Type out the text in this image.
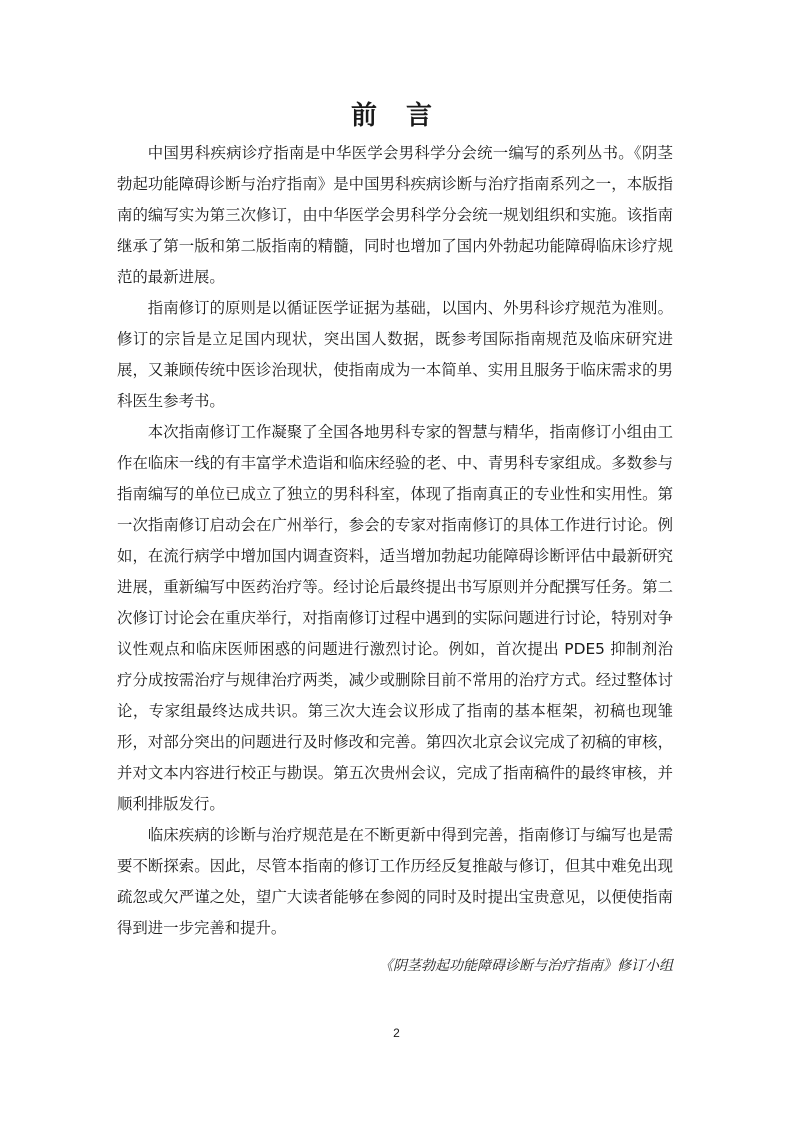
前 言

中国男科疾病诊疗指南是中华医学会男科学分会统一编写的系列丛书。《阴茎勃起功能障碍诊断与治疗指南》是中国男科疾病诊断与治疗指南系列之一，本版指南的编写实为第三次修订，由中华医学会男科学分会统一规划组织和实施。该指南继承了第一版和第二版指南的精髓，同时也增加了国内外勃起功能障碍临床诊疗规范的最新进展。

指南修订的原则是以循证医学证据为基础，以国内、外男科诊疗规范为准则。修订的宗旨是立足国内现状，突出国人数据，既参考国际指南规范及临床研究进展，又兼顾传统中医诊治现状，使指南成为一本简单、实用且服务于临床需求的男科医生参考书。

本次指南修订工作凝聚了全国各地男科专家的智慧与精华，指南修订小组由工作在临床一线的有丰富学术造诣和临床经验的老、中、青男科专家组成。多数参与指南编写的单位已成立了独立的男科科室，体现了指南真正的专业性和实用性。第一次指南修订启动会在广州举行，参会的专家对指南修订的具体工作进行讨论。例如，在流行病学中增加国内调查资料，适当增加勃起功能障碍诊断评估中最新研究进展，重新编写中医药治疗等。经讨论后最终提出书写原则并分配撰写任务。第二次修订讨论会在重庆举行，对指南修订过程中遇到的实际问题进行讨论，特别对争议性观点和临床医师困惑的问题进行激烈讨论。例如，首次提出 PDE5 抑制剂治疗分成按需治疗与规律治疗两类，减少或删除目前不常用的治疗方式。经过整体讨论，专家组最终达成共识。第三次大连会议形成了指南的基本框架，初稿也现雏形，对部分突出的问题进行及时修改和完善。第四次北京会议完成了初稿的审核，并对文本内容进行校正与勘误。第五次贵州会议，完成了指南稿件的最终审核，并顺利排版发行。

临床疾病的诊断与治疗规范是在不断更新中得到完善，指南修订与编写也是需要不断探索。因此，尽管本指南的修订工作历经反复推敲与修订，但其中难免出现疏忽或欠严谨之处，望广大读者能够在参阅的同时及时提出宝贵意见，以便使指南得到进一步完善和提升。

《阴茎勃起功能障碍诊断与治疗指南》修订小组
2
